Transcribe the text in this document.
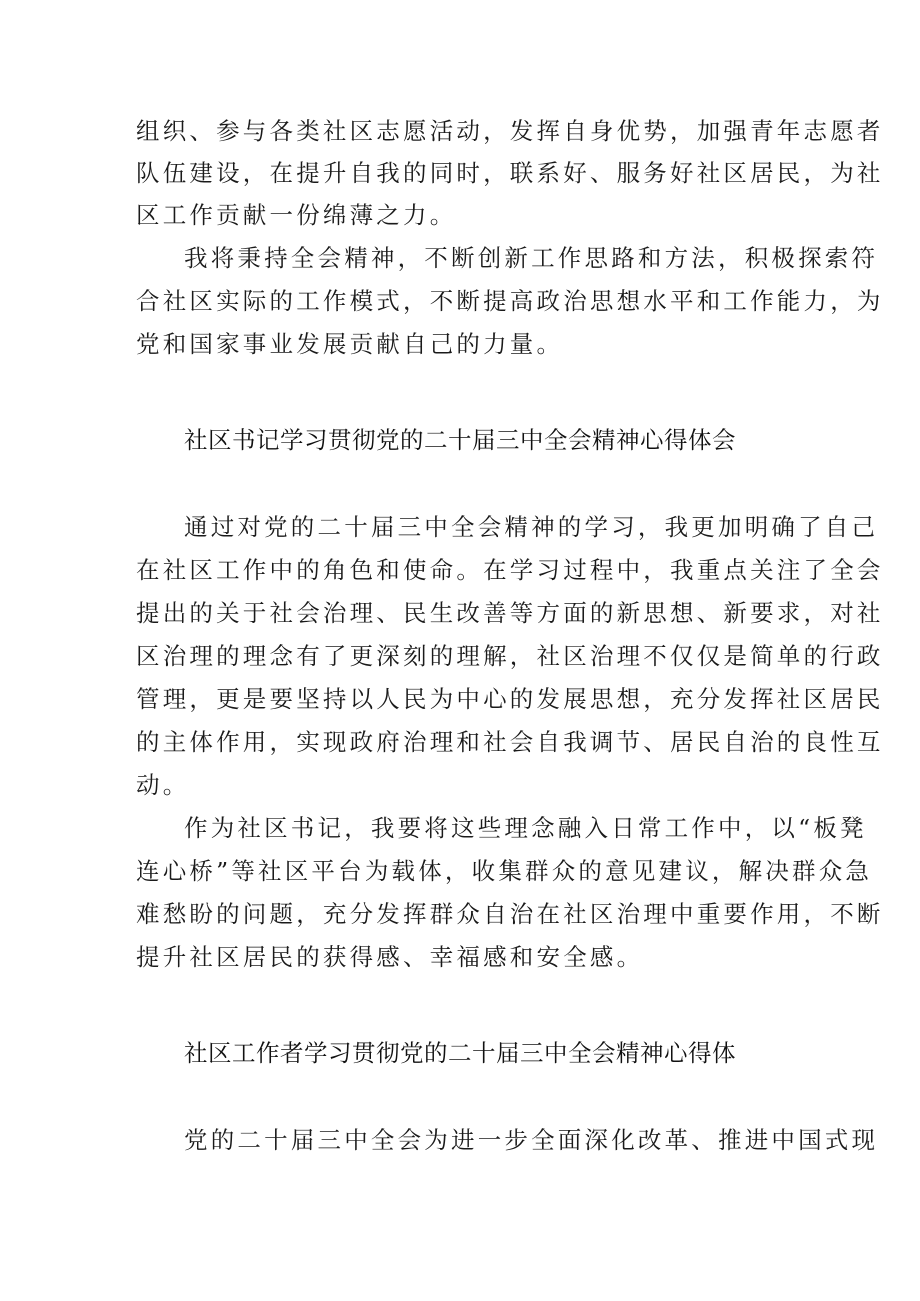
组织、参与各类社区志愿活动，发挥自身优势，加强青年志愿者
队伍建设，在提升自我的同时，联系好、服务好社区居民，为社
区工作贡献一份绵薄之力。
我将秉持全会精神，不断创新工作思路和方法，积极探索符
合社区实际的工作模式，不断提高政治思想水平和工作能力，为
党和国家事业发展贡献自己的力量。
社区书记学习贯彻党的二十届三中全会精神心得体会
通过对党的二十届三中全会精神的学习，我更加明确了自己
在社区工作中的角色和使命。在学习过程中，我重点关注了全会
提出的关于社会治理、民生改善等方面的新思想、新要求，对社
区治理的理念有了更深刻的理解，社区治理不仅仅是简单的行政
管理，更是要坚持以人民为中心的发展思想，充分发挥社区居民
的主体作用，实现政府治理和社会自我调节、居民自治的良性互
动。
作为社区书记，我要将这些理念融入日常工作中，以“板凳
连心桥”等社区平台为载体，收集群众的意见建议，解决群众急
难愁盼的问题，充分发挥群众自治在社区治理中重要作用，不断
提升社区居民的获得感、幸福感和安全感。
社区工作者学习贯彻党的二十届三中全会精神心得体
党的二十届三中全会为进一步全面深化改革、推进中国式现
